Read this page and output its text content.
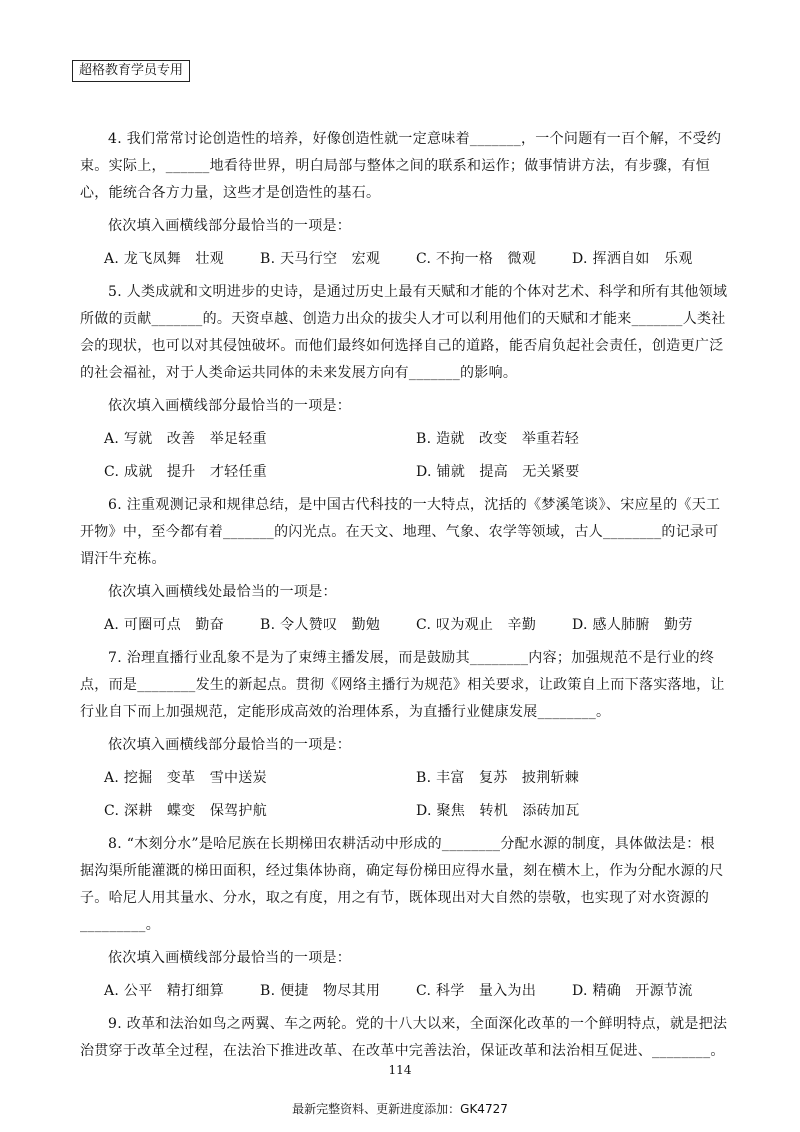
超格教育学员专用

4. 我们常常讨论创造性的培养，好像创造性就一定意味着_______，一个问题有一百个解，不受约束。实际上，______地看待世界，明白局部与整体之间的联系和运作；做事情讲方法，有步骤，有恒心，能统合各方力量，这些才是创造性的基石。

依次填入画横线部分最恰当的一项是：

A. 龙飞凤舞　壮观	B. 天马行空　宏观	C. 不拘一格　微观	D. 挥洒自如　乐观

5. 人类成就和文明进步的史诗，是通过历史上最有天赋和才能的个体对艺术、科学和所有其他领域所做的贡献_______的。天资卓越、创造力出众的拔尖人才可以利用他们的天赋和才能来_______人类社会的现状，也可以对其侵蚀破坏。而他们最终如何选择自己的道路，能否肩负起社会责任，创造更广泛的社会福祉，对于人类命运共同体的未来发展方向有_______的影响。

依次填入画横线部分最恰当的一项是：

A. 写就　改善　举足轻重	B. 造就　改变　举重若轻
C. 成就　提升　才轻任重	D. 铺就　提高　无关紧要

6. 注重观测记录和规律总结，是中国古代科技的一大特点，沈括的《梦溪笔谈》、宋应星的《天工开物》中，至今都有着_______的闪光点。在天文、地理、气象、农学等领域，古人________的记录可谓汗牛充栋。

依次填入画横线处最恰当的一项是：

A. 可圈可点　勤奋	B. 令人赞叹　勤勉	C. 叹为观止　辛勤	D. 感人肺腑　勤劳

7. 治理直播行业乱象不是为了束缚主播发展，而是鼓励其________内容；加强规范不是行业的终点，而是________发生的新起点。贯彻《网络主播行为规范》相关要求，让政策自上而下落实落地，让行业自下而上加强规范，定能形成高效的治理体系，为直播行业健康发展________。

依次填入画横线部分最恰当的一项是：

A. 挖掘　变革　雪中送炭	B. 丰富　复苏　披荆斩棘
C. 深耕　蝶变　保驾护航	D. 聚焦　转机　添砖加瓦

8. “木刻分水”是哈尼族在长期梯田农耕活动中形成的________分配水源的制度，具体做法是：根据沟渠所能灌溉的梯田面积，经过集体协商，确定每份梯田应得水量，刻在横木上，作为分配水源的尺子。哈尼人用其量水、分水，取之有度，用之有节，既体现出对大自然的崇敬，也实现了对水资源的_________。

依次填入画横线部分最恰当的一项是：

A. 公平　精打细算	B. 便捷　物尽其用	C. 科学　量入为出	D. 精确　开源节流

9. 改革和法治如鸟之两翼、车之两轮。党的十八大以来，全面深化改革的一个鲜明特点，就是把法治贯穿于改革全过程，在法治下推进改革、在改革中完善法治，保证改革和法治相互促进、________。

114
最新完整资料、更新进度添加：GK4727
